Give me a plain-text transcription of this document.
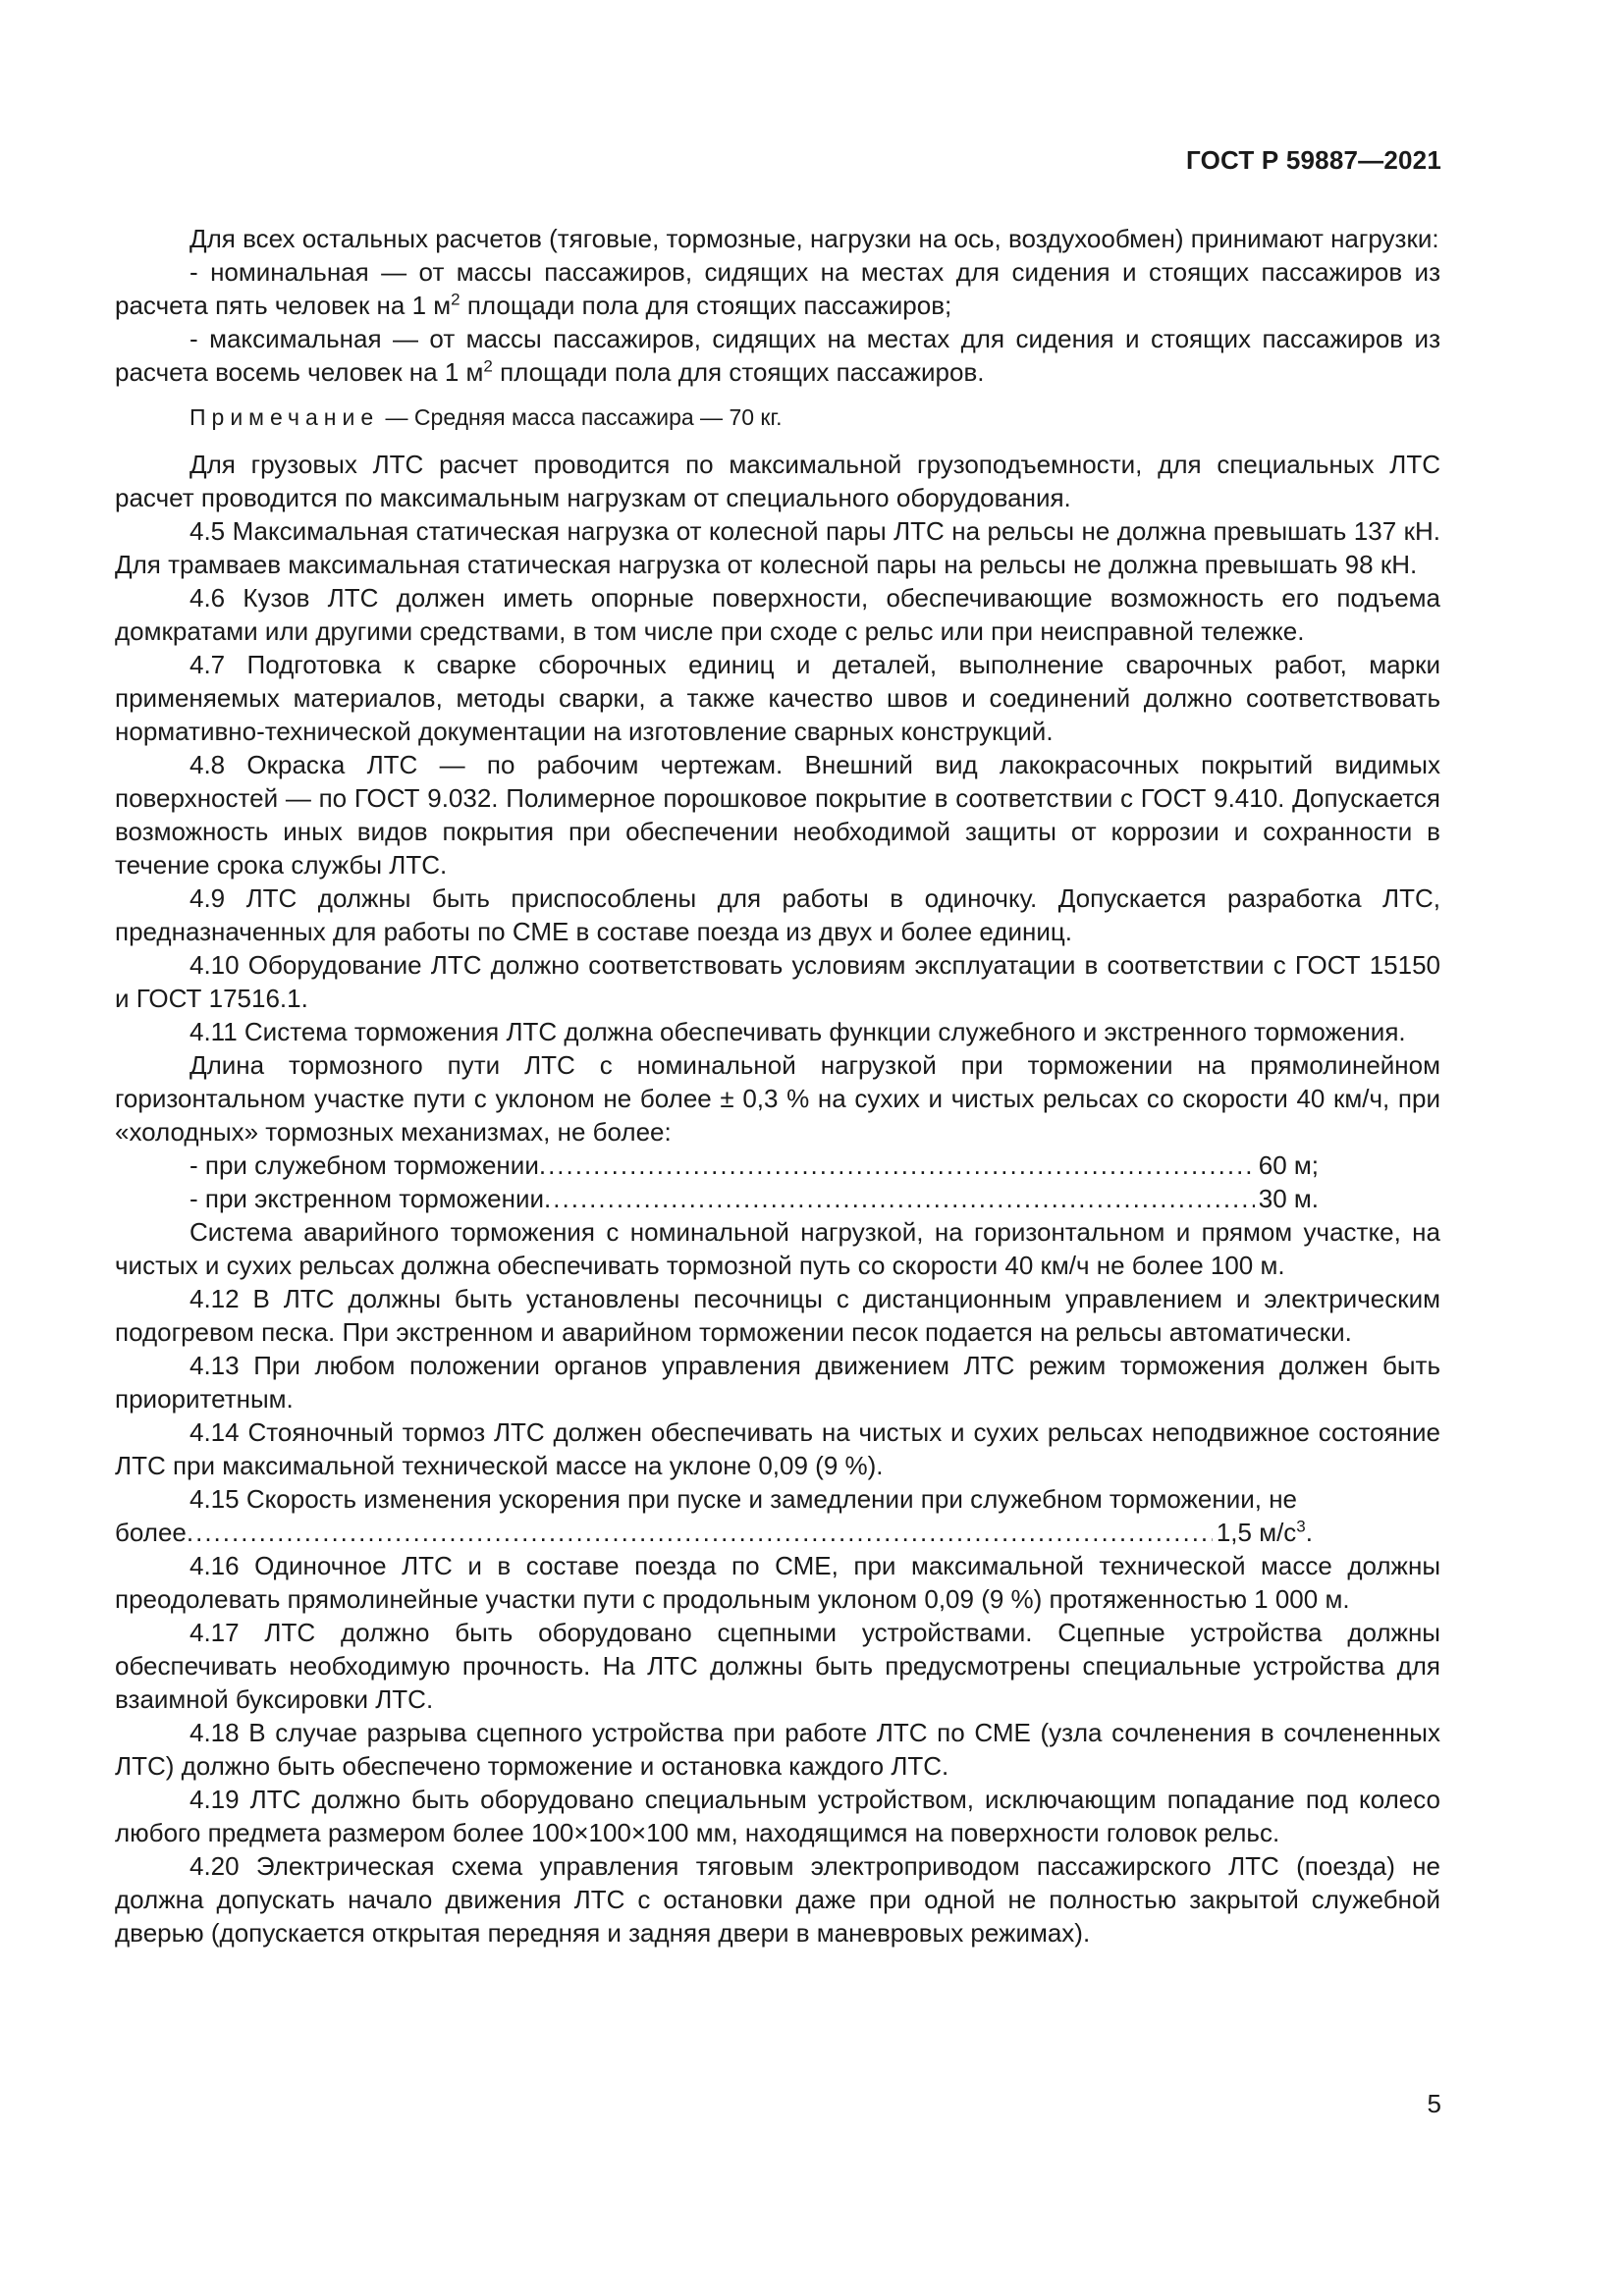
ГОСТ Р 59887—2021

Для всех остальных расчетов (тяговые, тормозные, нагрузки на ось, воздухообмен) принимают нагрузки:

- номинальная — от массы пассажиров, сидящих на местах для сидения и стоящих пассажиров из расчета пять человек на 1 $м^2$ площади пола для стоящих пассажиров;

- максимальная — от массы пассажиров, сидящих на местах для сидения и стоящих пассажиров из расчета восемь человек на 1 $м^2$ площади пола для стоящих пассажиров.

Примечание — Средняя масса пассажира — 70 кг.

Для грузовых ЛТС расчет проводится по максимальной грузоподъемности, для специальных ЛТС расчет проводится по максимальным нагрузкам от специального оборудования.

4.5 Максимальная статическая нагрузка от колесной пары ЛТС на рельсы не должна превышать 137 кН. Для трамваев максимальная статическая нагрузка от колесной пары на рельсы не должна превышать 98 кН.

4.6 Кузов ЛТС должен иметь опорные поверхности, обеспечивающие возможность его подъема домкратами или другими средствами, в том числе при сходе с рельс или при неисправной тележке.

4.7 Подготовка к сварке сборочных единиц и деталей, выполнение сварочных работ, марки применяемых материалов, методы сварки, а также качество швов и соединений должно соответствовать нормативно-технической документации на изготовление сварных конструкций.

4.8 Окраска ЛТС — по рабочим чертежам. Внешний вид лакокрасочных покрытий видимых поверхностей — по ГОСТ 9.032. Полимерное порошковое покрытие в соответствии с ГОСТ 9.410. Допускается возможность иных видов покрытия при обеспечении необходимой защиты от коррозии и сохранности в течение срока службы ЛТС.

4.9 ЛТС должны быть приспособлены для работы в одиночку. Допускается разработка ЛТС, предназначенных для работы по СМЕ в составе поезда из двух и более единиц.

4.10 Оборудование ЛТС должно соответствовать условиям эксплуатации в соответствии с ГОСТ 15150 и ГОСТ 17516.1.

4.11 Система торможения ЛТС должна обеспечивать функции служебного и экстренного торможения.

Длина тормозного пути ЛТС с номинальной нагрузкой при торможении на прямолинейном горизонтальном участке пути с уклоном не более ± 0,3 % на сухих и чистых рельсах со скорости 40 км/ч, при «холодных» тормозных механизмах, не более:

- при служебном торможении .....	60 м;
- при экстренном торможении .....	30 м.

Система аварийного торможения с номинальной нагрузкой, на горизонтальном и прямом участке, на чистых и сухих рельсах должна обеспечивать тормозной путь со скорости 40 км/ч не более 100 м.

4.12 В ЛТС должны быть установлены песочницы с дистанционным управлением и электрическим подогревом песка. При экстренном и аварийном торможении песок подается на рельсы автоматически.

4.13 При любом положении органов управления движением ЛТС режим торможения должен быть приоритетным.

4.14 Стояночный тормоз ЛТС должен обеспечивать на чистых и сухих рельсах неподвижное состояние ЛТС при максимальной технической массе на уклоне 0,09 (9 %).

4.15 Скорость изменения ускорения при пуске и замедлении при служебном торможении, не

более .....	1,5 $м/с^3$.

4.16 Одиночное ЛТС и в составе поезда по СМЕ, при максимальной технической массе должны преодолевать прямолинейные участки пути с продольным уклоном 0,09 (9 %) протяженностью 1 000 м.

4.17 ЛТС должно быть оборудовано сцепными устройствами. Сцепные устройства должны обеспечивать необходимую прочность. На ЛТС должны быть предусмотрены специальные устройства для взаимной буксировки ЛТС.

4.18 В случае разрыва сцепного устройства при работе ЛТС по СМЕ (узла сочленения в сочлененных ЛТС) должно быть обеспечено торможение и остановка каждого ЛТС.

4.19 ЛТС должно быть оборудовано специальным устройством, исключающим попадание под колесо любого предмета размером более 100×100×100 мм, находящимся на поверхности головок рельс.

4.20 Электрическая схема управления тяговым электроприводом пассажирского ЛТС (поезда) не должна допускать начало движения ЛТС с остановки даже при одной не полностью закрытой служебной дверью (допускается открытая передняя и задняя двери в маневровых режимах).

5
